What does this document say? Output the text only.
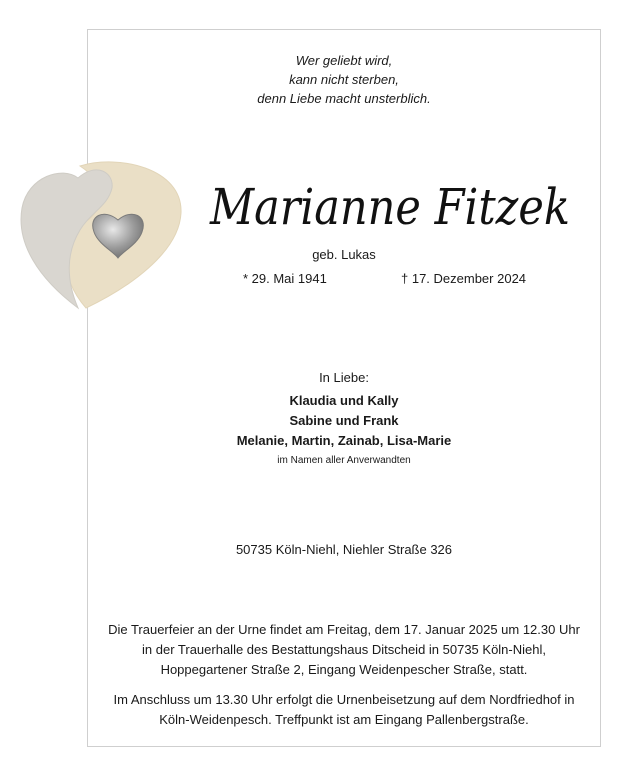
Wer geliebt wird,
kann nicht sterben,
denn Liebe macht unsterblich.
Marianne Fitzek
geb. Lukas
* 29. Mai 1941	† 17. Dezember 2024
In Liebe:
Klaudia und Kally
Sabine und Frank
Melanie, Martin, Zainab, Lisa-Marie
im Namen aller Anverwandten
50735 Köln-Niehl, Niehler Straße 326
Die Trauerfeier an der Urne findet am Freitag, dem 17. Januar 2025 um 12.30 Uhr
in der Trauerhalle des Bestattungshaus Ditscheid in 50735 Köln-Niehl,
Hoppegartener Straße 2, Eingang Weidenpescher Straße, statt.
Im Anschluss um 13.30 Uhr erfolgt die Urnenbeisetzung auf dem Nordfriedhof in
Köln-Weidenpesch. Treffpunkt ist am Eingang Pallenbergstraße.
